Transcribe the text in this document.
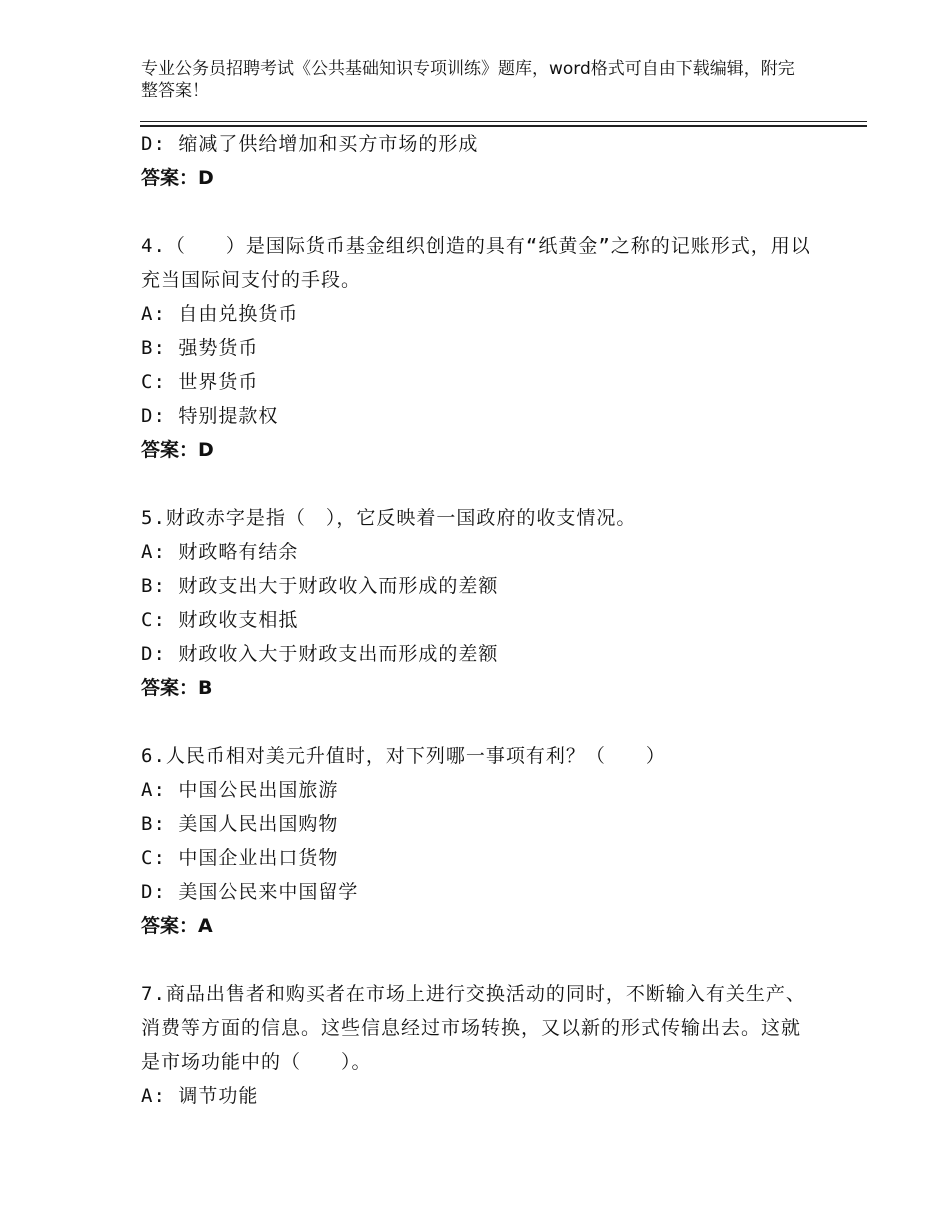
专业公务员招聘考试《公共基础知识专项训练》题库，word格式可自由下载编辑，附完整答案！
D: 缩减了供给增加和买方市场的形成
答案：D
4.（　　）是国际货币基金组织创造的具有“纸黄金”之称的记账形式，用以充当国际间支付的手段。
A: 自由兑换货币
B: 强势货币
C: 世界货币
D: 特别提款权
答案：D
5.财政赤字是指（　），它反映着一国政府的收支情况。
A: 财政略有结余
B: 财政支出大于财政收入而形成的差额
C: 财政收支相抵
D: 财政收入大于财政支出而形成的差额
答案：B
6.人民币相对美元升值时，对下列哪一事项有利？（　　）
A: 中国公民出国旅游
B: 美国人民出国购物
C: 中国企业出口货物
D: 美国公民来中国留学
答案：A
7.商品出售者和购买者在市场上进行交换活动的同时，不断输入有关生产、消费等方面的信息。这些信息经过市场转换，又以新的形式传输出去。这就是市场功能中的（　　）。
A: 调节功能
